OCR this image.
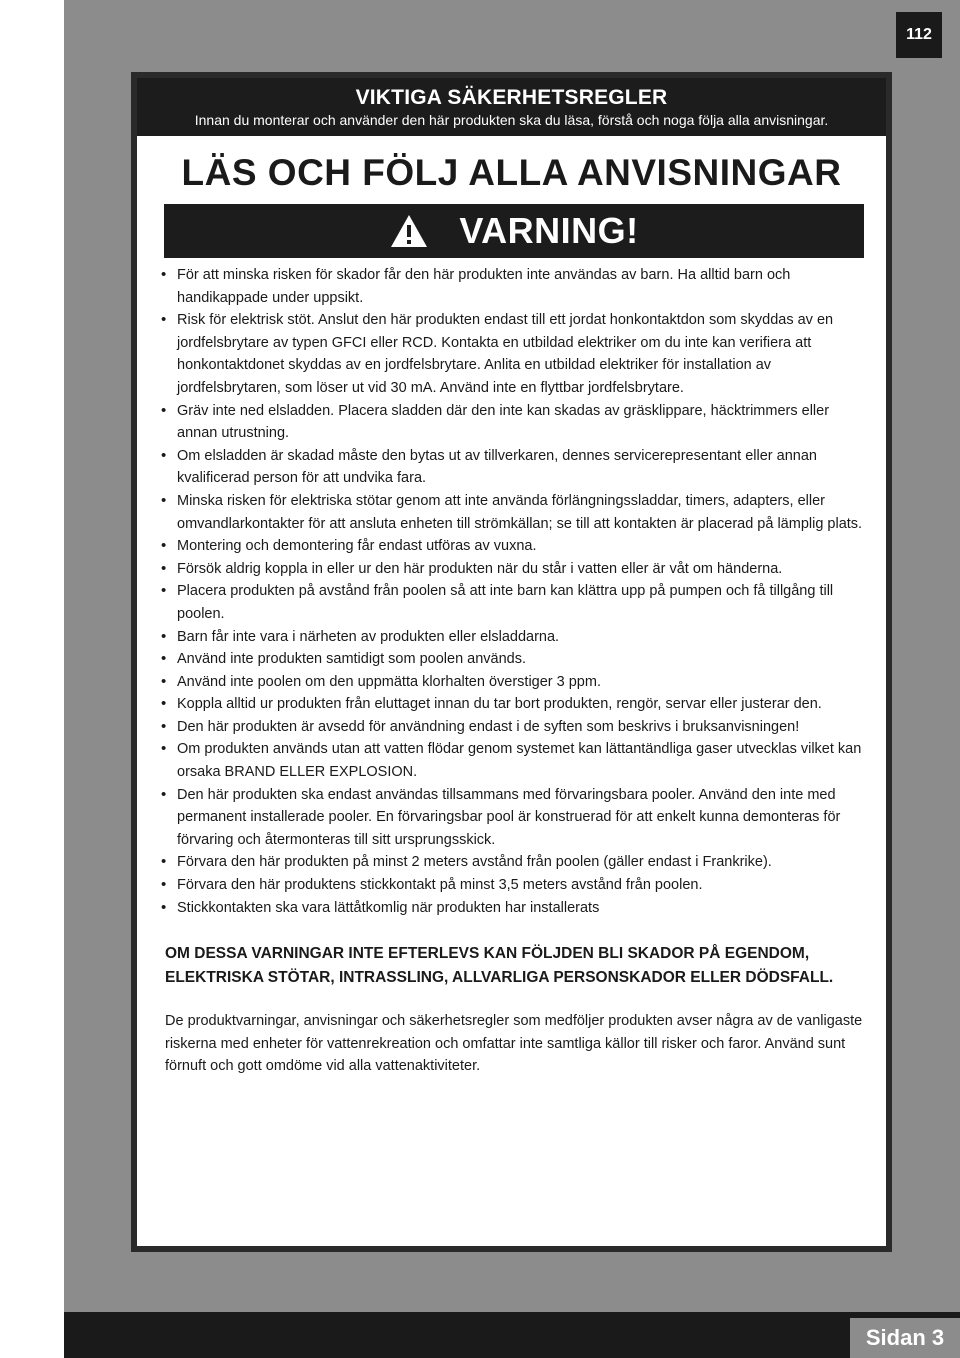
112
VIKTIGA SÄKERHETSREGLER
Innan du monterar och använder den här produkten ska du läsa, förstå och noga följa alla anvisningar.
LÄS OCH FÖLJ ALLA ANVISNINGAR
VARNING!
• För att minska risken för skador får den här produkten inte användas av barn. Ha alltid barn och handikappade under uppsikt.
• Risk för elektrisk stöt. Anslut den här produkten endast till ett jordat honkontaktdon som skyddas av en jordfelsbrytare av typen GFCI eller RCD. Kontakta en utbildad elektriker om du inte kan verifiera att honkontaktdonet skyddas av en jordfelsbrytare. Anlita en utbildad elektriker för installation av jordfelsbrytaren, som löser ut vid 30 mA. Använd inte en flyttbar jordfelsbrytare.
• Gräv inte ned elsladden. Placera sladden där den inte kan skadas av gräsklippare, häcktrimmers eller annan utrustning.
• Om elsladden är skadad måste den bytas ut av tillverkaren, dennes servicerepresentant eller annan kvalificerad person för att undvika fara.
• Minska risken för elektriska stötar genom att inte använda förlängningssladdar, timers, adapters, eller omvandlarkontakter för att ansluta enheten till strömkällan; se till att kontakten är placerad på lämplig plats.
• Montering och demontering får endast utföras av vuxna.
• Försök aldrig koppla in eller ur den här produkten när du står i vatten eller är våt om händerna.
• Placera produkten på avstånd från poolen så att inte barn kan klättra upp på pumpen och få tillgång till poolen.
• Barn får inte vara i närheten av produkten eller elsladdarna.
• Använd inte produkten samtidigt som poolen används.
• Använd inte poolen om den uppmätta klorhalten överstiger 3 ppm.
• Koppla alltid ur produkten från eluttaget innan du tar bort produkten, rengör, servar eller justerar den.
• Den här produkten är avsedd för användning endast i de syften som beskrivs i bruksanvisningen!
• Om produkten används utan att vatten flödar genom systemet kan lättantändliga gaser utvecklas vilket kan orsaka BRAND ELLER EXPLOSION.
• Den här produkten ska endast användas tillsammans med förvaringsbara pooler. Använd den inte med permanent installerade pooler. En förvaringsbar pool är konstruerad för att enkelt kunna demonteras för förvaring och återmonteras till sitt ursprungsskick.
• Förvara den här produkten på minst 2 meters avstånd från poolen (gäller endast i Frankrike).
• Förvara den här produktens stickkontakt på minst 3,5 meters avstånd från poolen.
• Stickkontakten ska vara lättåtkomlig när produkten har installerats
OM DESSA VARNINGAR INTE EFTERLEVS KAN FÖLJDEN BLI SKADOR PÅ EGENDOM, ELEKTRISKA STÖTAR, INTRASSLING, ALLVARLIGA PERSONSKADOR ELLER DÖDSFALL.
De produktvarningar, anvisningar och säkerhetsregler som medföljer produkten avser några av de vanligaste riskerna med enheter för vattenrekreation och omfattar inte samtliga källor till risker och faror. Använd sunt förnuft och gott omdöme vid alla vattenaktiviteter.
Sidan 3
